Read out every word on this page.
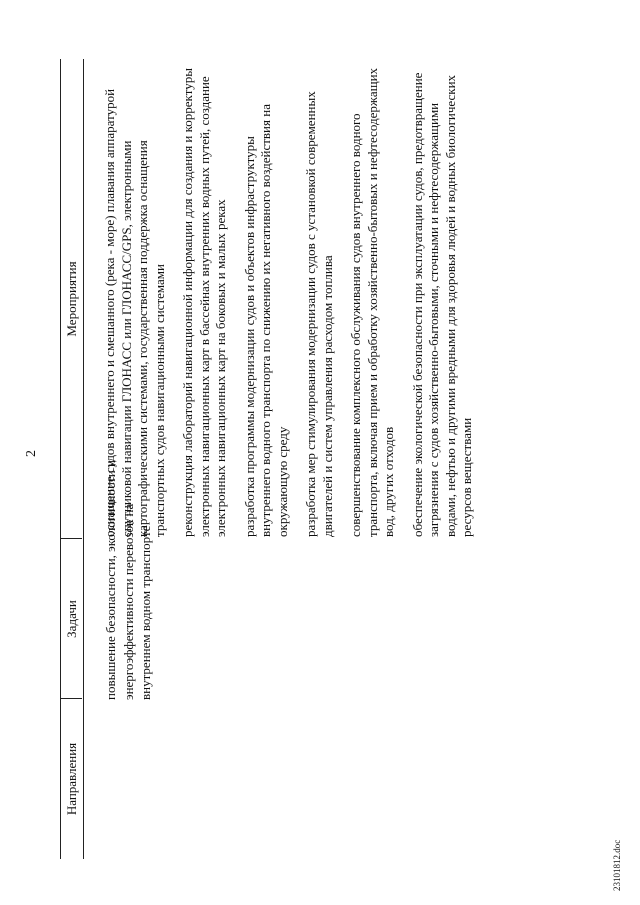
2
Направления
Задачи
Мероприятия
повышение безопасности, экологичности и энергоэффективности перевозок на внутреннем водном транспорте

оснащение судов внутреннего и смешанного (река - море) плавания аппаратурой спутниковой навигации ГЛОНАСС или ГЛОНАСС/GPS, электронными картографическими системами, государственная поддержка оснащения транспортных судов навигационными системами реконструкция лабораторий навигационной информации для создания и корректуры электронных навигационных карт в бассейнах внутренних водных путей, создание электронных навигационных карт на боковых и малых реках разработка программы модернизации судов и объектов инфраструктуры внутреннего водного транспорта по снижению их негативного воздействия на окружающую среду разработка мер стимулирования модернизации судов с установкой современных двигателей и систем управления расходом топлива совершенствование комплексного обслуживания судов внутреннего водного транспорта, включая прием и обработку хозяйственно-бытовых и нефтесодержащих вод, других отходов обеспечение экологической безопасности при эксплуатации судов, предотвращение загрязнения с судов хозяйственно-бытовыми, сточными и нефтесодержащими водами, нефтью и другими вредными для здоровья людей и водных биологических ресурсов веществами

23101812.doc
